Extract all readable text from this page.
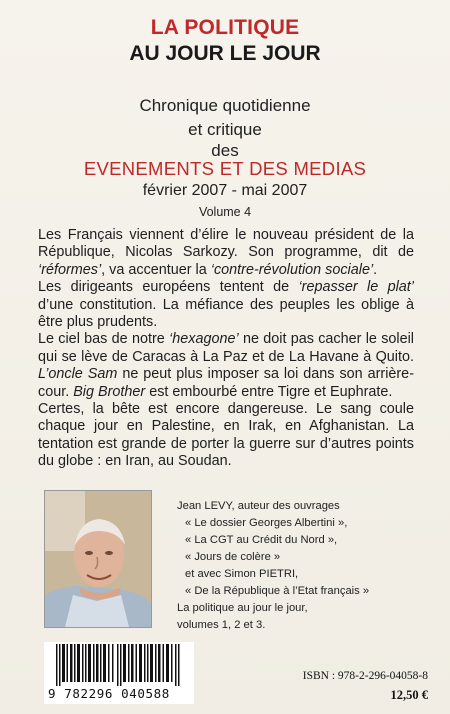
LA POLITIQUE
AU JOUR LE JOUR
Chronique quotidienne
et critique
des
EVENEMENTS ET DES MEDIAS
février 2007 - mai 2007
Volume 4

Les Français viennent d’élire le nouveau président de la République, Nicolas Sarkozy. Son programme, dit de ‘réformes’, va accentuer la ‘contre-révolution sociale’.

Les dirigeants européens tentent de ‘repasser le plat’ d’une constitution. La méfiance des peuples les oblige à être plus prudents.

Le ciel bas de notre ‘hexagone’ ne doit pas cacher le soleil qui se lève de Caracas à La Paz et de La Havane à Quito. L’oncle Sam ne peut plus imposer sa loi dans son arrière-cour. Big Brother est embourbé entre Tigre et Euphrate.

Certes, la bête est encore dangereuse. Le sang coule chaque jour en Palestine, en Irak, en Afghanistan. La tentation est grande de porter la guerre sur d’autres points du globe : en Iran, au Soudan.

Jean LEVY, auteur des ouvrages
« Le dossier Georges Albertini »,
« La CGT au Crédit du Nord »,
« Jours de colère »
et avec Simon PIETRI,
« De la République à l’Etat français »
La politique au jour le jour,
volumes 1, 2 et 3.
9 782296 040588
ISBN : 978-2-296-04058-8
12,50 €
